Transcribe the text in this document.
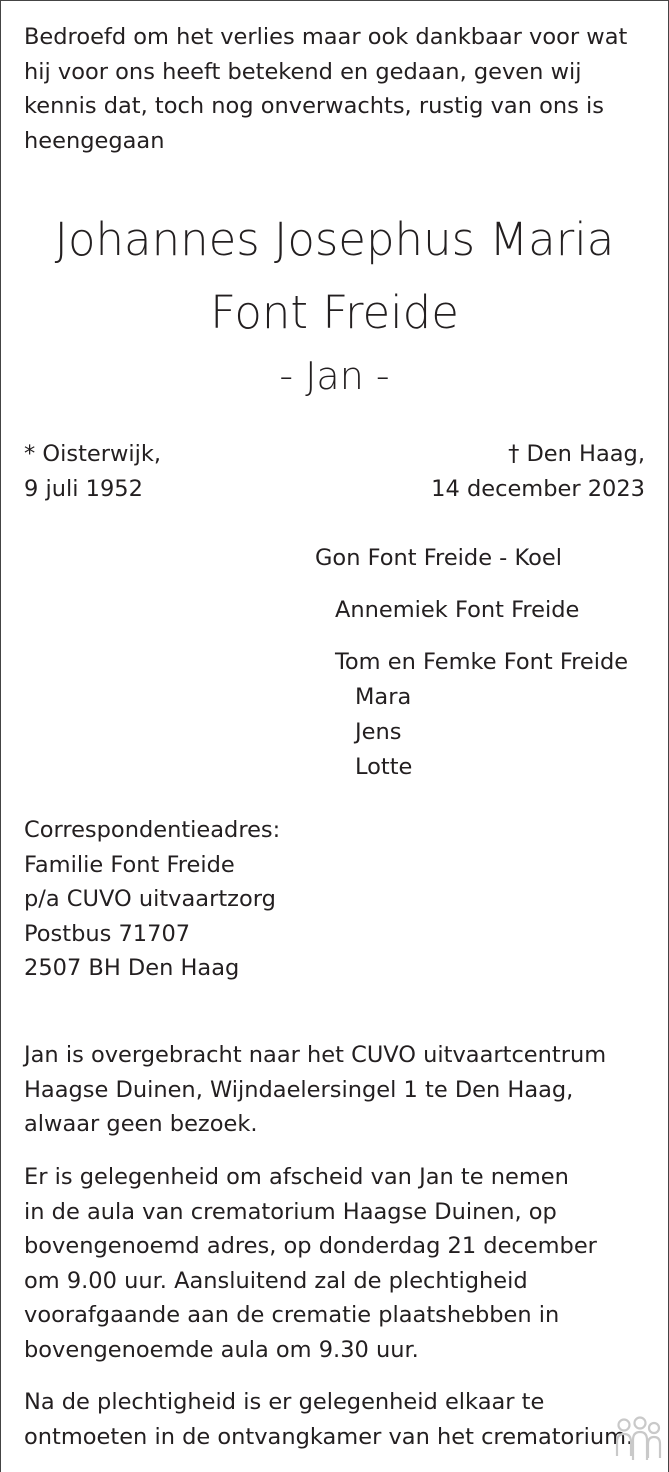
Bedroefd om het verlies maar ook dankbaar voor wat
hij voor ons heeft betekend en gedaan, geven wij
kennis dat, toch nog onverwachts, rustig van ons is
heengegaan
Johannes Josephus Maria
Font Freide
- Jan -
* Oisterwijk,
9 juli 1952
† Den Haag,
14 december 2023
Gon Font Freide - Koel
Annemiek Font Freide
Tom en Femke Font Freide
Mara
Jens
Lotte
Correspondentieadres:
Familie Font Freide
p/a CUVO uitvaartzorg
Postbus 71707
2507 BH Den Haag
Jan is overgebracht naar het CUVO uitvaartcentrum
Haagse Duinen, Wijndaelersingel 1 te Den Haag,
alwaar geen bezoek.
Er is gelegenheid om afscheid van Jan te nemen
in de aula van crematorium Haagse Duinen, op
bovengenoemd adres, op donderdag 21 december
om 9.00 uur. Aansluitend zal de plechtigheid
voorafgaande aan de crematie plaatshebben in
bovengenoemde aula om 9.30 uur.
Na de plechtigheid is er gelegenheid elkaar te
ontmoeten in de ontvangkamer van het crematorium.
